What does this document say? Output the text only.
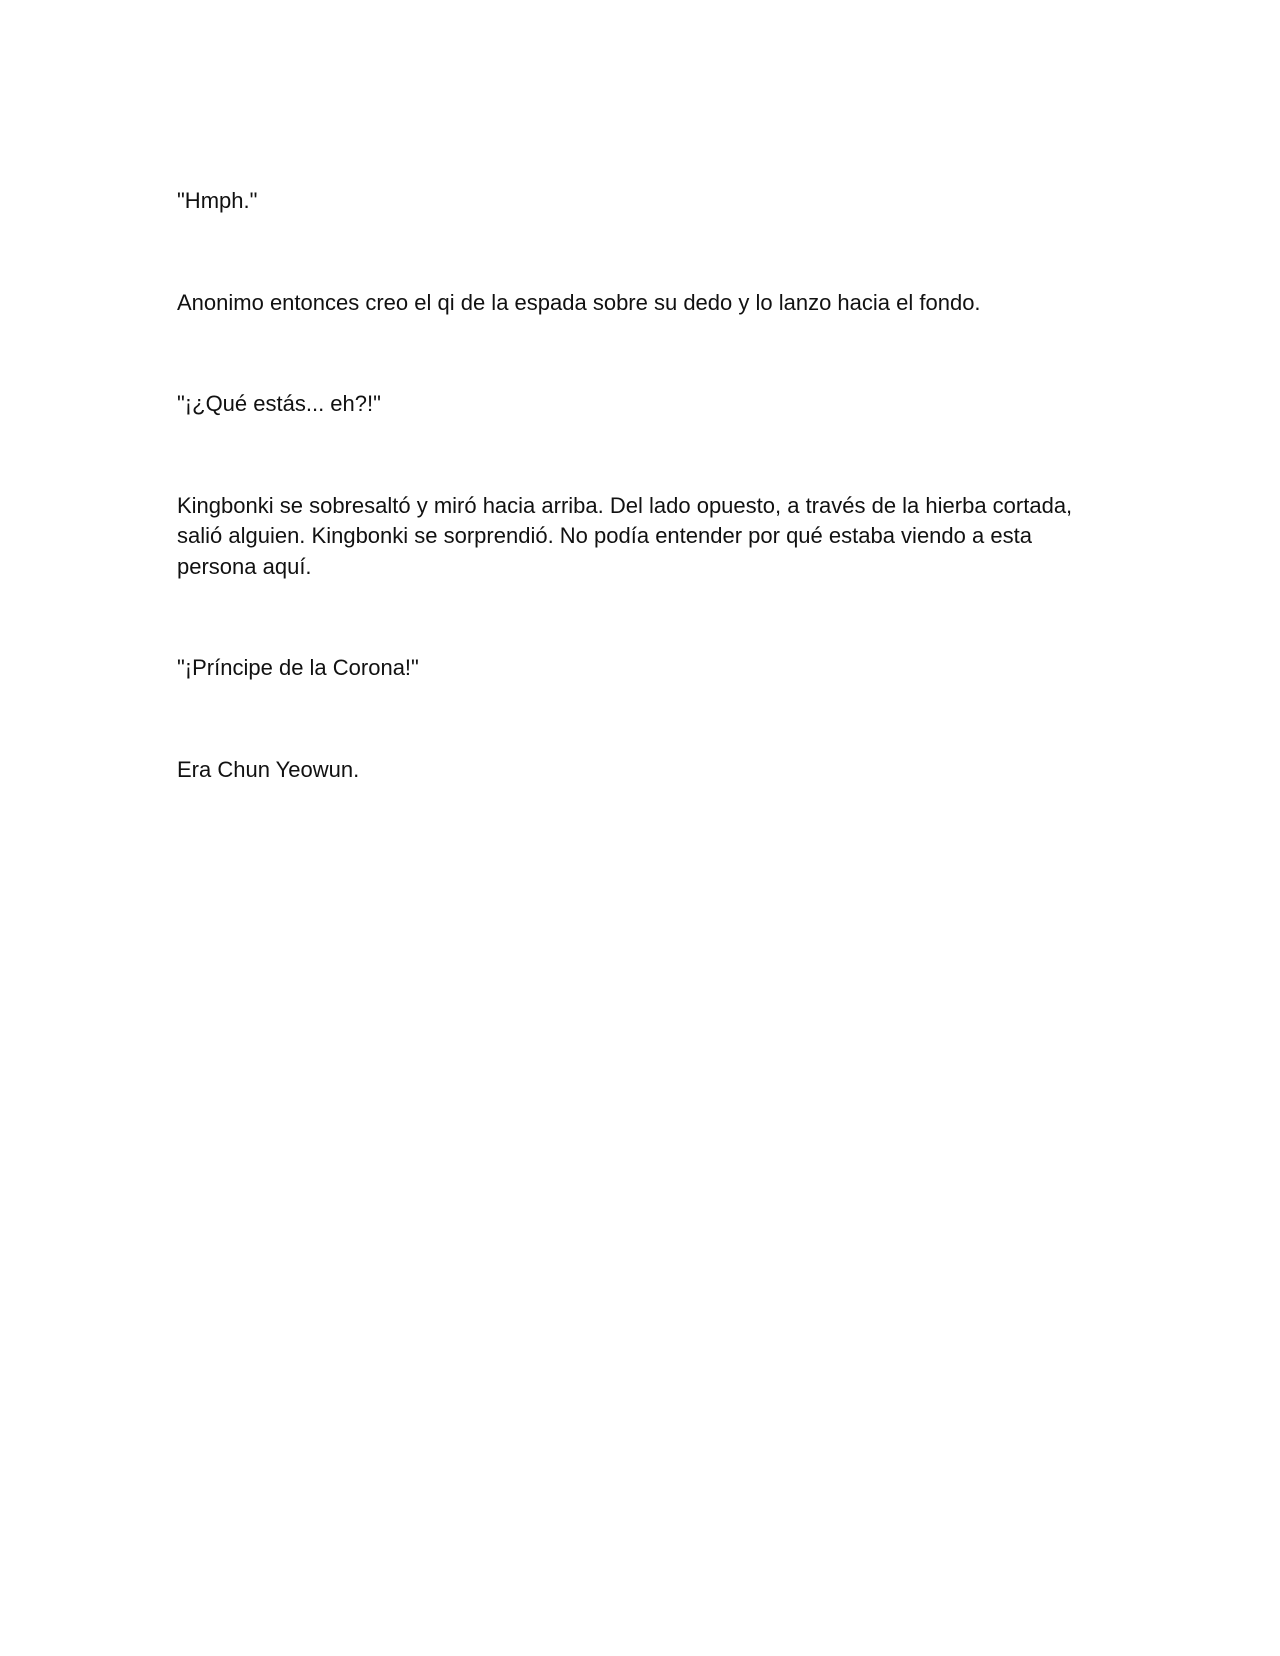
"Hmph."

Anonimo entonces creo el qi de la espada sobre su dedo y lo lanzo hacia el fondo.

"¡¿Qué estás... eh?!"

Kingbonki se sobresaltó y miró hacia arriba. Del lado opuesto, a través de la hierba cortada, salió alguien. Kingbonki se sorprendió. No podía entender por qué estaba viendo a esta persona aquí.

"¡Príncipe de la Corona!"

Era Chun Yeowun.
